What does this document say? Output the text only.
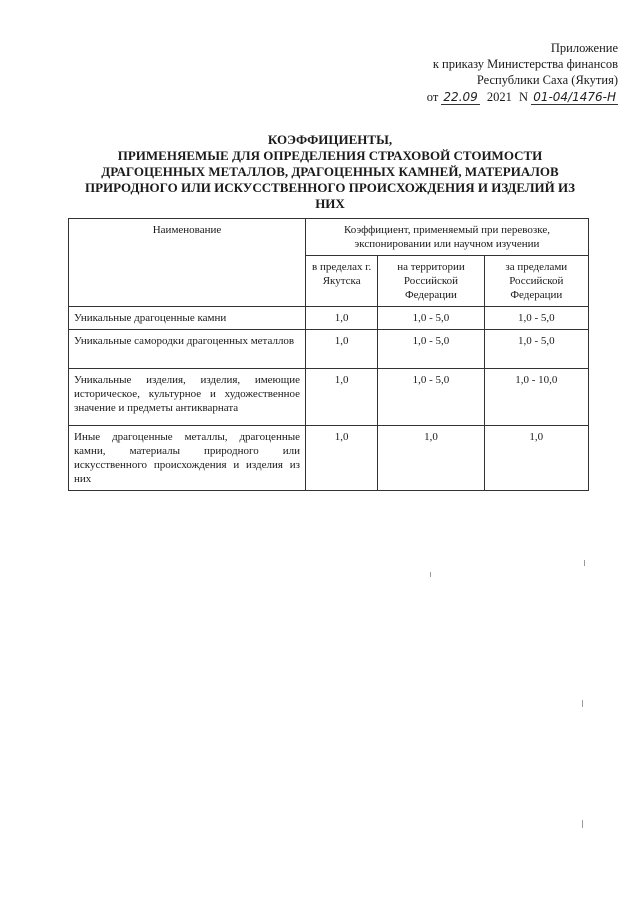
Приложение
к приказу Министерства финансов
Республики Саха (Якутия)
от 22.09 2021 N 01-04/1476-Н
КОЭФФИЦИЕНТЫ,
ПРИМЕНЯЕМЫЕ ДЛЯ ОПРЕДЕЛЕНИЯ СТРАХОВОЙ СТОИМОСТИ
ДРАГОЦЕННЫХ МЕТАЛЛОВ, ДРАГОЦЕННЫХ КАМНЕЙ, МАТЕРИАЛОВ
ПРИРОДНОГО ИЛИ ИСКУССТВЕННОГО ПРОИСХОЖДЕНИЯ И ИЗДЕЛИЙ ИЗ
НИХ
Наименование	Коэффициент, применяемый при перевозке, экспонировании или научном изучении		
	в пределах г. Якутска	на территории Российской Федерации	за пределами Российской Федерации
Уникальные драгоценные камни	1,0	1,0 - 5,0	1,0 - 5,0
Уникальные самородки драгоценных металлов	1,0	1,0 - 5,0	1,0 - 5,0
Уникальные изделия, изделия, имеющие историческое, культурное и художественное значение и предметы антикварната	1,0	1,0 - 5,0	1,0 - 10,0
Иные драгоценные металлы, драгоценные камни, материалы природного или искусственного происхождения и изделия из них	1,0	1,0	1,0
